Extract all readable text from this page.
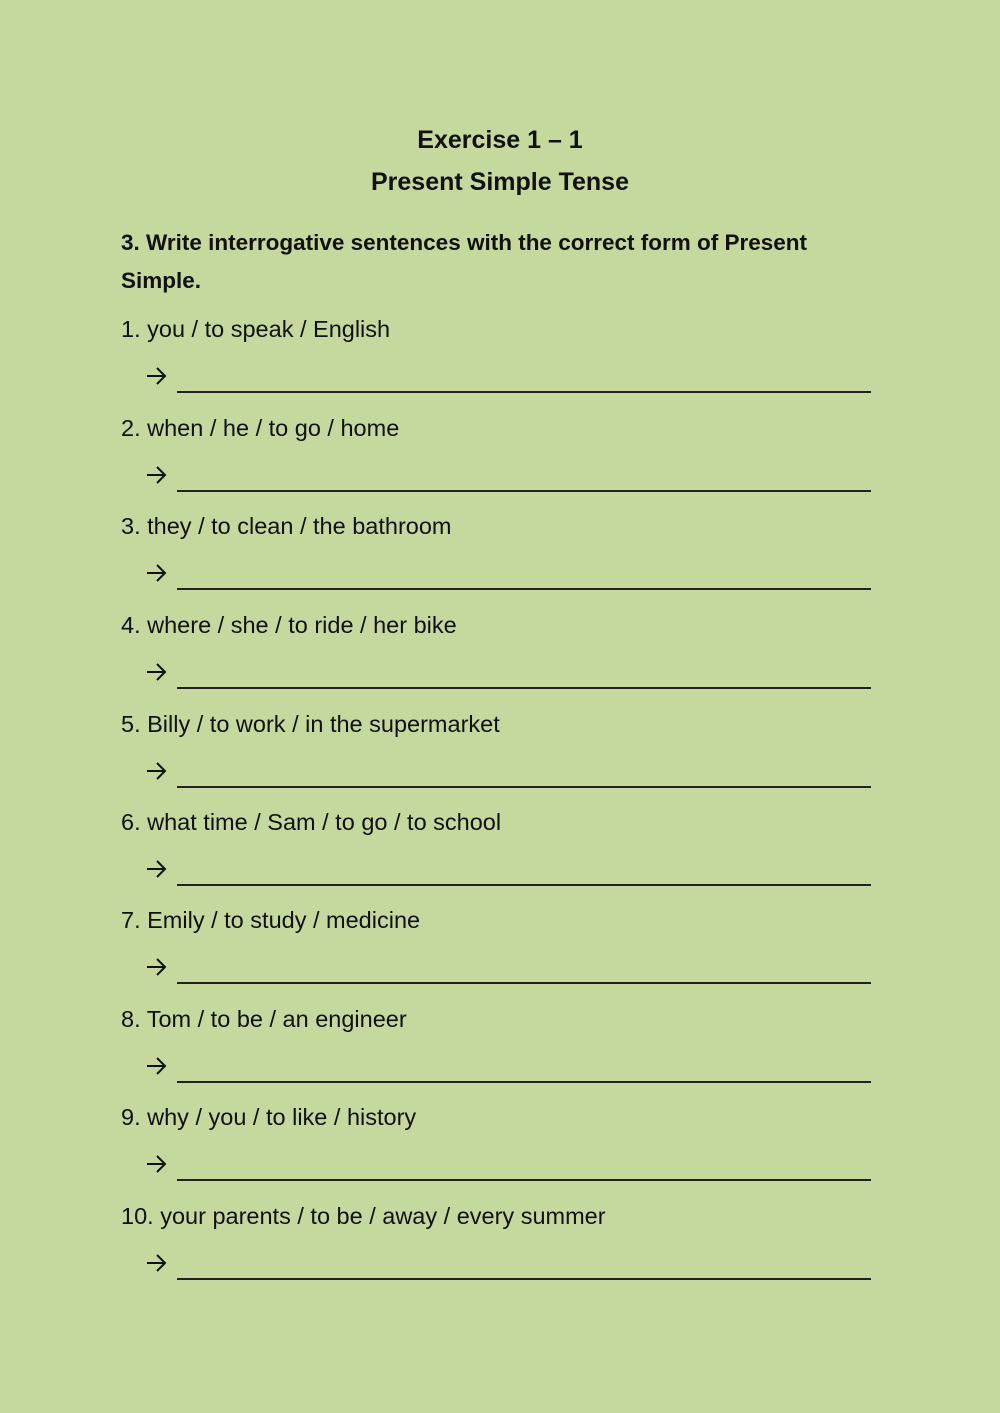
Exercise 1 – 1
Present Simple Tense
3. Write interrogative sentences with the correct form of Present Simple.
1. you / to speak / English
2. when / he / to go / home
3. they / to clean / the bathroom
4. where / she / to ride / her bike
5. Billy / to work / in the supermarket
6. what time / Sam / to go / to school
7. Emily / to study / medicine
8. Tom / to be / an engineer
9. why / you / to like / history
10. your parents / to be / away / every summer
